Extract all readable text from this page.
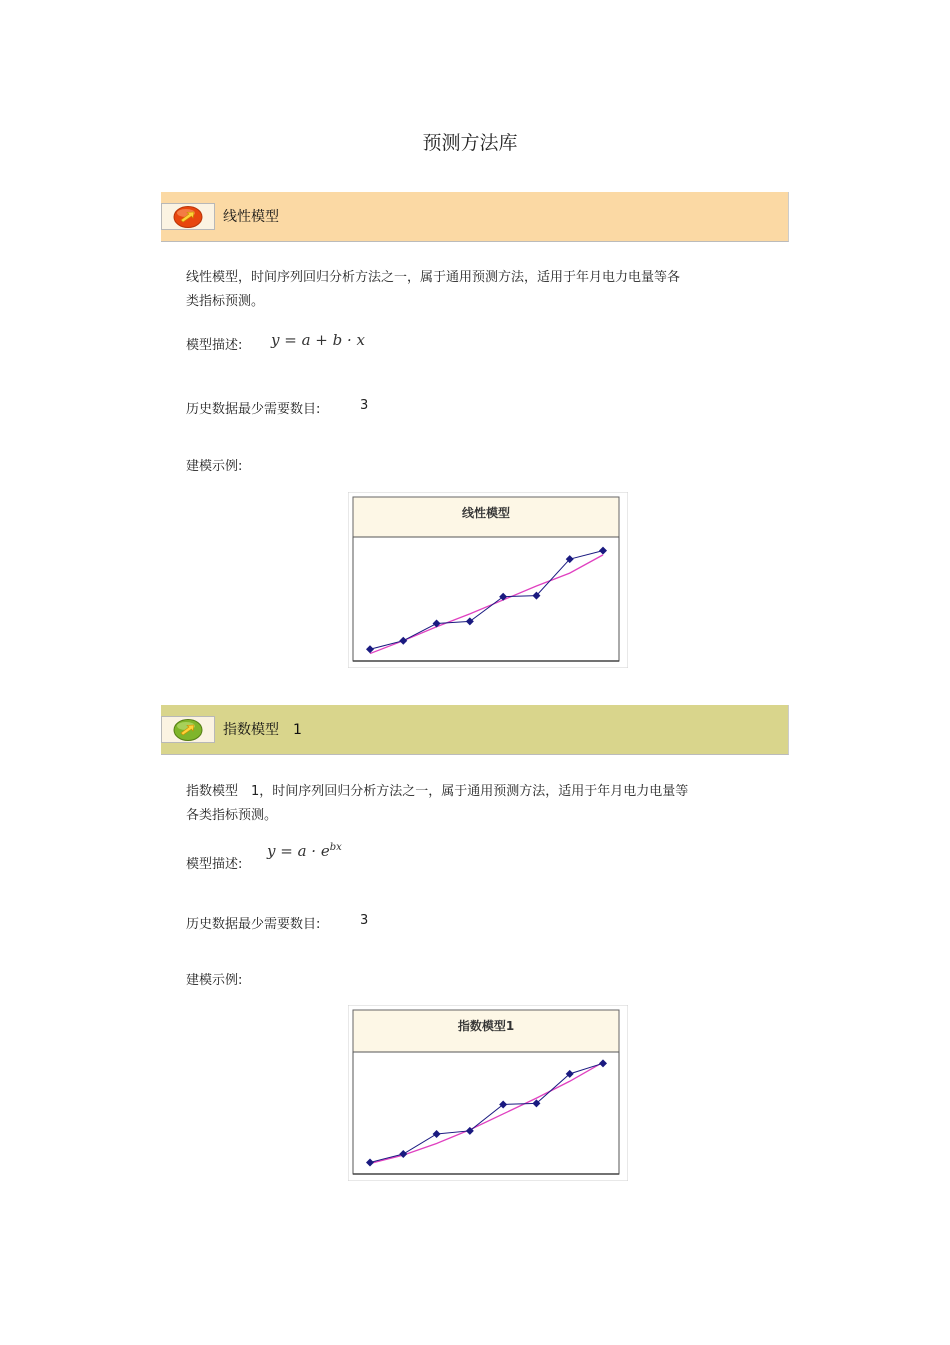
预测方法库
线性模型
线性模型，时间序列回归分析方法之一，属于通用预测方法，适用于年月电力电量等各
类指标预测。
模型描述: y = a + b · x
历史数据最少需要数目:	3
建模示例:
线性模型
指数模型　1
指数模型　1，时间序列回归分析方法之一，属于通用预测方法，适用于年月电力电量等
各类指标预测。
模型描述:
$y = a \cdot e^{bx}$
历史数据最少需要数目:	3
建模示例:
指数模型1
